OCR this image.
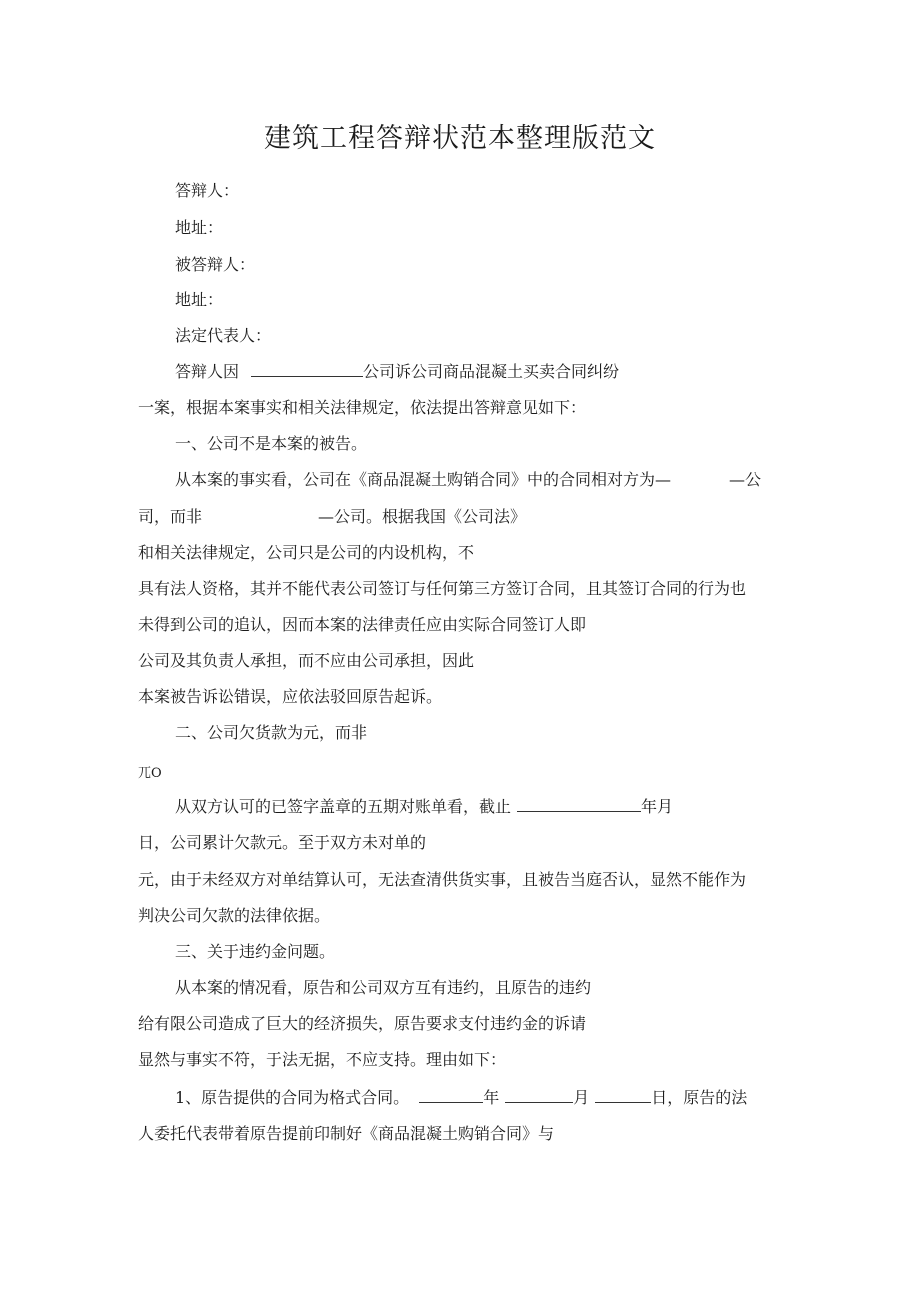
建筑工程答辩状范本整理版范文

答辩人：

地址：

被答辩人：

地址：

法定代表人：

答辩人因	公司诉公司商品混凝土买卖合同纠纷

一案，根据本案事实和相关法律规定，依法提出答辩意见如下：

一、公司不是本案的被告。

从本案的事实看，公司在《商品混凝土购销合同》中的合同相对方为—	—公

司，而非	—公司。根据我国《公司法》

和相关法律规定，公司只是公司的内设机构，不

具有法人资格，其并不能代表公司签订与任何第三方签订合同，且其签订合同的行为也

未得到公司的追认，因而本案的法律责任应由实际合同签订人即

公司及其负责人承担，而不应由公司承担，因此

本案被告诉讼错误，应依法驳回原告起诉。

二、公司欠货款为元，而非

兀O

从双方认可的已签字盖章的五期对账单看，截止	年月

日，公司累计欠款元。至于双方未对单的

元，由于未经双方对单结算认可，无法查清供货实事，且被告当庭否认，显然不能作为

判决公司欠款的法律依据。

三、关于违约金问题。

从本案的情况看，原告和公司双方互有违约，且原告的违约

给有限公司造成了巨大的经济损失，原告要求支付违约金的诉请

显然与事实不符，于法无据，不应支持。理由如下：

1、原告提供的合同为格式合同。	年	月	日，原告的法

人委托代表带着原告提前印制好《商品混凝土购销合同》与
